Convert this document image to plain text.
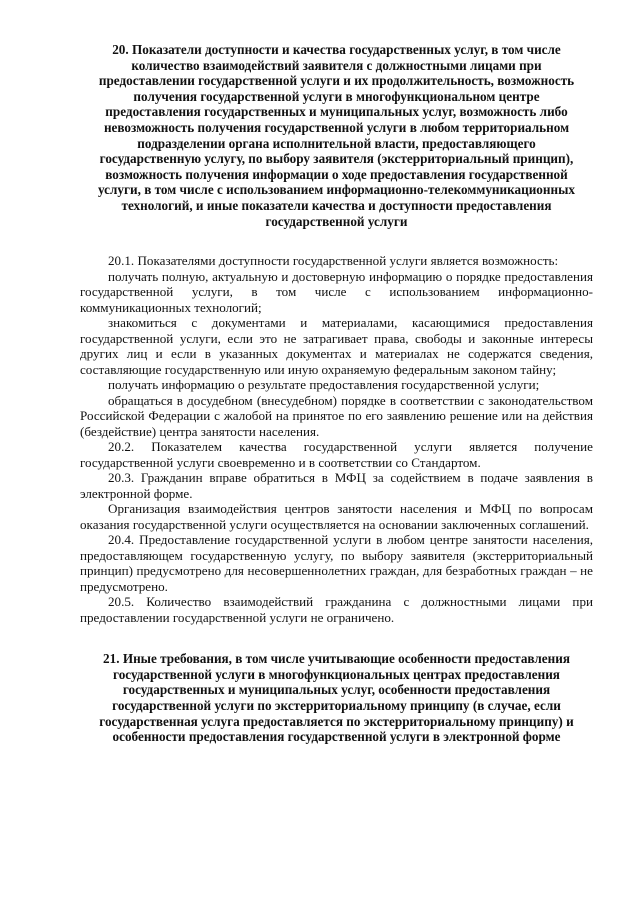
20. Показатели доступности и качества государственных услуг, в том числе количество взаимодействий заявителя с должностными лицами при предоставлении государственной услуги и их продолжительность, возможность получения государственной услуги в многофункциональном центре предоставления государственных и муниципальных услуг, возможность либо невозможность получения государственной услуги в любом территориальном подразделении органа исполнительной власти, предоставляющего государственную услугу, по выбору заявителя (экстерриториальный принцип), возможность получения информации о ходе предоставления государственной услуги, в том числе с использованием информационно-телекоммуникационных технологий, и иные показатели качества и доступности предоставления государственной услуги

20.1. Показателями доступности государственной услуги является возможность:

получать полную, актуальную и достоверную информацию о порядке предоставления государственной услуги, в том числе с использованием информационно-коммуникационных технологий;

знакомиться с документами и материалами, касающимися предоставления государственной услуги, если это не затрагивает права, свободы и законные интересы других лиц и если в указанных документах и материалах не содержатся сведения, составляющие государственную или иную охраняемую федеральным законом тайну;

получать информацию о результате предоставления государственной услуги;

обращаться в досудебном (внесудебном) порядке в соответствии с законодательством Российской Федерации с жалобой на принятое по его заявлению решение или на действия (бездействие) центра занятости населения.

20.2. Показателем качества государственной услуги является получение государственной услуги своевременно и в соответствии со Стандартом.

20.3. Гражданин вправе обратиться в МФЦ за содействием в подаче заявления в электронной форме.

Организация взаимодействия центров занятости населения и МФЦ по вопросам оказания государственной услуги осуществляется на основании заключенных соглашений.

20.4. Предоставление государственной услуги в любом центре занятости населения, предоставляющем государственную услугу, по выбору заявителя (экстерриториальный принцип) предусмотрено для несовершеннолетних граждан, для безработных граждан – не предусмотрено.

20.5. Количество взаимодействий гражданина с должностными лицами при предоставлении государственной услуги не ограничено.

21. Иные требования, в том числе учитывающие особенности предоставления государственной услуги в многофункциональных центрах предоставления государственных и муниципальных услуг, особенности предоставления государственной услуги по экстерриториальному принципу (в случае, если государственная услуга предоставляется по экстерриториальному принципу) и особенности предоставления государственной услуги в электронной форме
